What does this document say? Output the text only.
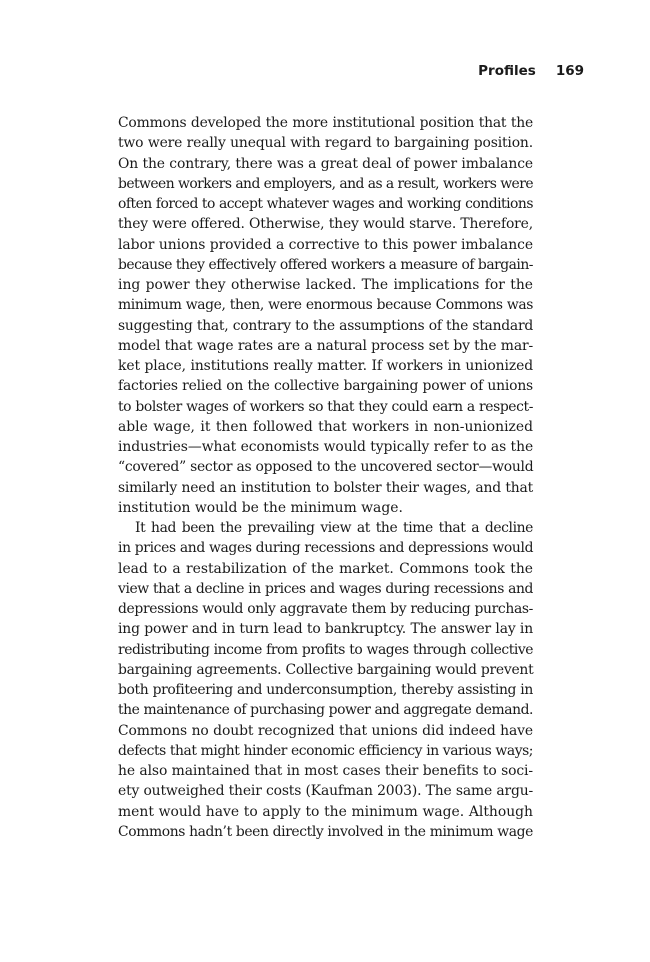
Profiles 169

Commons developed the more institutional position that the
two were really unequal with regard to bargaining position.
On the contrary, there was a great deal of power imbalance
between workers and employers, and as a result, workers were
often forced to accept whatever wages and working conditions
they were offered. Otherwise, they would starve. Therefore,
labor unions provided a corrective to this power imbalance
because they effectively offered workers a measure of bargain-
ing power they otherwise lacked. The implications for the
minimum wage, then, were enormous because Commons was
suggesting that, contrary to the assumptions of the standard
model that wage rates are a natural process set by the mar-
ket place, institutions really matter. If workers in unionized
factories relied on the collective bargaining power of unions
to bolster wages of workers so that they could earn a respect-
able wage, it then followed that workers in non-unionized
industries—what economists would typically refer to as the
“covered” sector as opposed to the uncovered sector—would
similarly need an institution to bolster their wages, and that
institution would be the minimum wage.

It had been the prevailing view at the time that a decline
in prices and wages during recessions and depressions would
lead to a restabilization of the market. Commons took the
view that a decline in prices and wages during recessions and
depressions would only aggravate them by reducing purchas-
ing power and in turn lead to bankruptcy. The answer lay in
redistributing income from profits to wages through collective
bargaining agreements. Collective bargaining would prevent
both profiteering and underconsumption, thereby assisting in
the maintenance of purchasing power and aggregate demand.
Commons no doubt recognized that unions did indeed have
defects that might hinder economic efficiency in various ways;
he also maintained that in most cases their benefits to soci-
ety outweighed their costs (Kaufman 2003). The same argu-
ment would have to apply to the minimum wage. Although
Commons hadn’t been directly involved in the minimum wage
